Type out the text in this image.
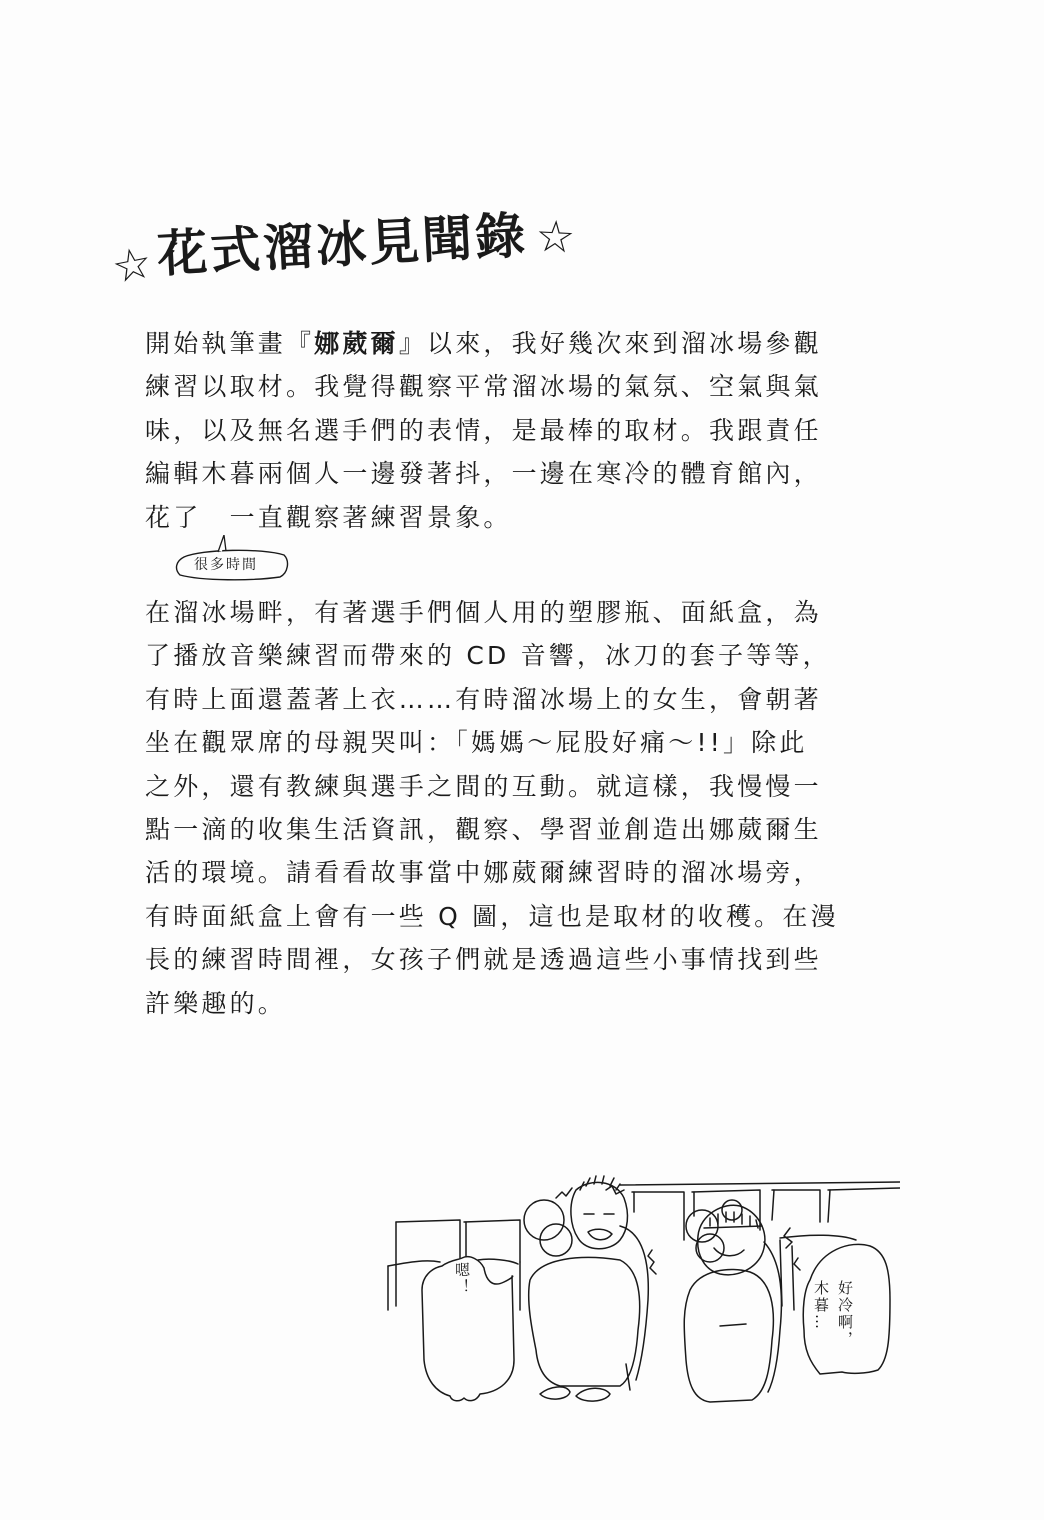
☆ 花式溜冰見聞錄 ☆
開始執筆畫『娜葳爾』以來，我好幾次來到溜冰場參觀
練習以取材。我覺得觀察平常溜冰場的氣氛、空氣與氣
味，以及無名選手們的表情，是最棒的取材。我跟責任
編輯木暮兩個人一邊發著抖，一邊在寒冷的體育館內，
花了　一直觀察著練習景象。
很多時間
在溜冰場畔，有著選手們個人用的塑膠瓶、面紙盒，為
了播放音樂練習而帶來的 CD 音響，冰刀的套子等等，
有時上面還蓋著上衣……有時溜冰場上的女生，會朝著
坐在觀眾席的母親哭叫：「媽媽～屁股好痛～!!」除此
之外，還有教練與選手之間的互動。就這樣，我慢慢一
點一滴的收集生活資訊，觀察、學習並創造出娜葳爾生
活的環境。請看看故事當中娜葳爾練習時的溜冰場旁，
有時面紙盒上會有一些 Q 圖，這也是取材的收穫。在漫
長的練習時間裡，女孩子們就是透過這些小事情找到些
許樂趣的。
嗯！
好冷啊，
木暮…
